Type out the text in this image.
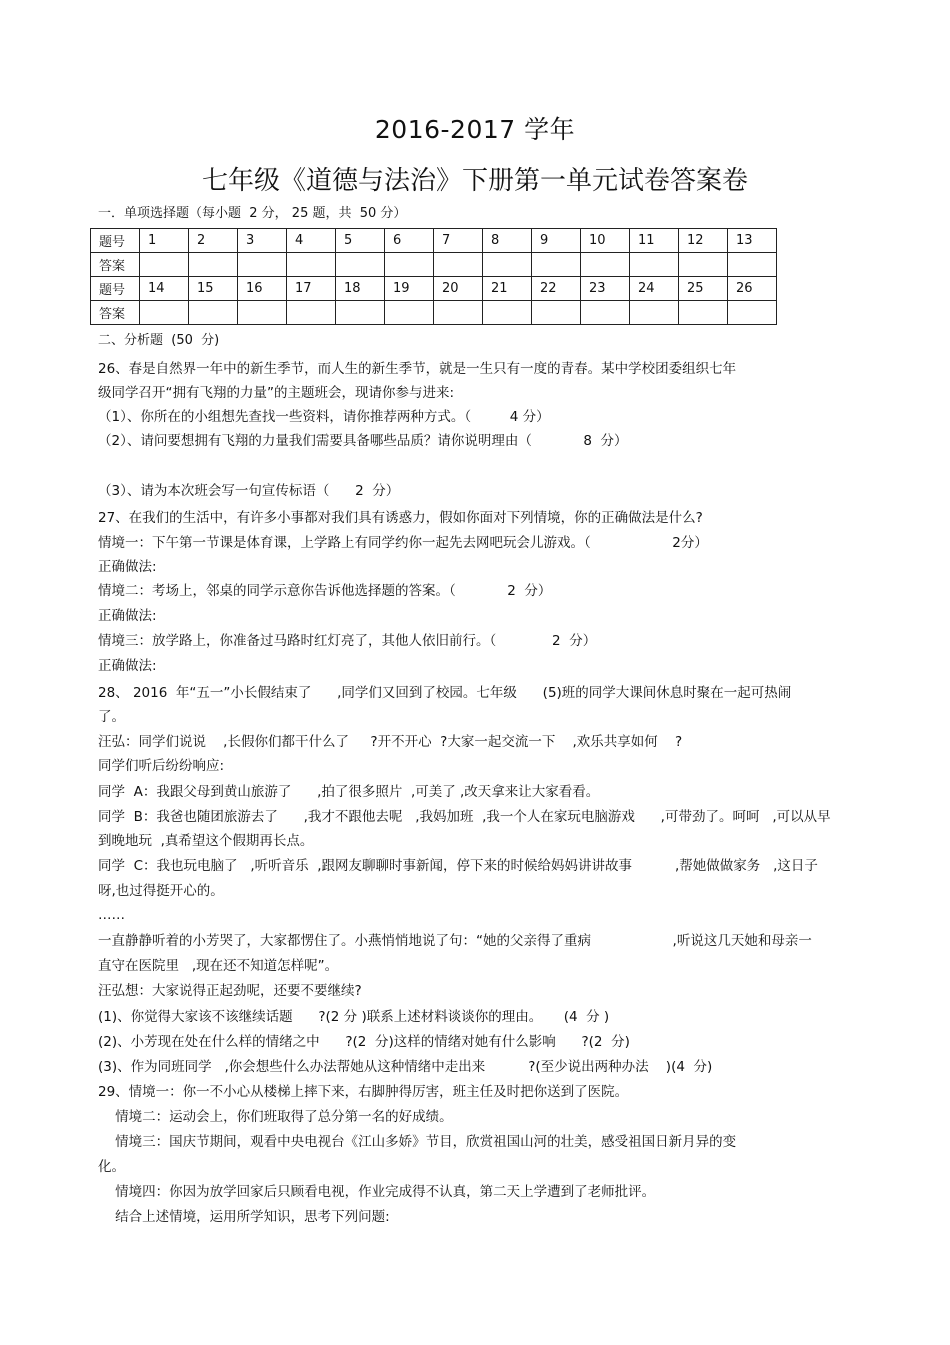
2016-2017 学年
七年级《道德与法治》下册第一单元试卷答案卷
一．单项选择题（每小题  2 分， 25 题，共  50 分）
题号	1	2	3	4	5	6	7	8	9	10	11	12	13
答案													
题号	14	15	16	17	18	19	20	21	22	23	24	25	26
答案													
二、分析题  (50  分)
26、春是自然界一年中的新生季节，而人生的新生季节，就是一生只有一度的青春。某中学校团委组织七年
级同学召开“拥有飞翔的力量”的主题班会，现请你参与进来:
（1）、你所在的小组想先查找一些资料，请你推荐两种方式。（         4 分）
（2）、请问要想拥有飞翔的力量我们需要具备哪些品质？请你说明理由（            8  分）
（3）、请为本次班会写一句宣传标语（      2  分）
27、在我们的生活中，有许多小事都对我们具有诱惑力，假如你面对下列情境，你的正确做法是什么?
情境一：下午第一节课是体育课，上学路上有同学约你一起先去网吧玩会儿游戏。（                   2分）
正确做法:
情境二：考场上，邻桌的同学示意你告诉他选择题的答案。（            2  分）
正确做法:
情境三：放学路上，你准备过马路时红灯亮了，其他人依旧前行。（             2  分）
正确做法:
28、 2016  年“五一”小长假结束了      ,同学们又回到了校园。七年级      (5)班的同学大课间休息时聚在一起可热闹
了。
汪弘：同学们说说    ,长假你们都干什么了     ?开不开心  ?大家一起交流一下    ,欢乐共享如何    ?
同学们听后纷纷响应:
同学  A：我跟父母到黄山旅游了      ,拍了很多照片  ,可美了 ,改天拿来让大家看看。
同学  B：我爸也随团旅游去了      ,我才不跟他去呢   ,我妈加班  ,我一个人在家玩电脑游戏      ,可带劲了。呵呵   ,可以从早
到晚地玩  ,真希望这个假期再长点。
同学  C：我也玩电脑了   ,听听音乐  ,跟网友聊聊时事新闻，停下来的时候给妈妈讲讲故事          ,帮她做做家务   ,这日子
呀,也过得挺开心的。
……
一直静静听着的小芳哭了，大家都愣住了。小燕悄悄地说了句：“她的父亲得了重病                   ,听说这几天她和母亲一
直守在医院里   ,现在还不知道怎样呢”。
汪弘想：大家说得正起劲呢，还要不要继续?
(1)、你觉得大家该不该继续话题      ?(2 分 )联系上述材料谈谈你的理由。     (4  分 )
(2)、小芳现在处在什么样的情绪之中      ?(2  分)这样的情绪对她有什么影响      ?(2  分)
(3)、作为同班同学   ,你会想些什么办法帮她从这种情绪中走出来          ?(至少说出两种办法    )(4  分)
29、情境一：你一不小心从楼梯上摔下来，右脚肿得厉害，班主任及时把你送到了医院。
情境二：运动会上，你们班取得了总分第一名的好成绩。
情境三：国庆节期间，观看中央电视台《江山多娇》节目，欣赏祖国山河的壮美，感受祖国日新月异的变
化。
情境四：你因为放学回家后只顾看电视，作业完成得不认真，第二天上学遭到了老师批评。
结合上述情境，运用所学知识，思考下列问题:
